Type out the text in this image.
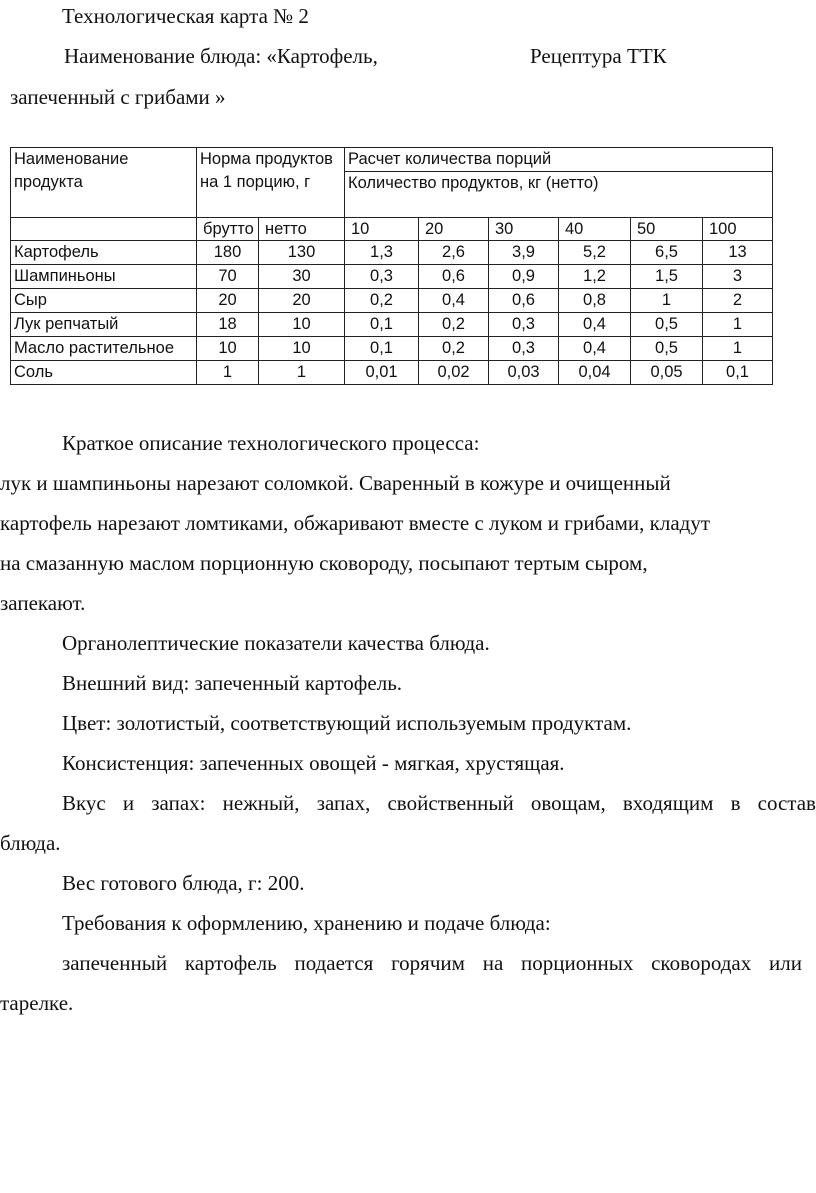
Технологическая карта № 2
Наименование блюда: «Картофель,	Рецептура ТТК
запеченный с грибами »
Наименование продукта	Норма продуктов на 1 порцию, г		Расчет количества порций					
			Количество продуктов, кг (нетто)					
	брутто	нетто	10	20	30	40	50	100
Картофель	180	130	1,3	2,6	3,9	5,2	6,5	13
Шампиньоны	70	30	0,3	0,6	0,9	1,2	1,5	3
Сыр	20	20	0,2	0,4	0,6	0,8	1	2
Лук репчатый	18	10	0,1	0,2	0,3	0,4	0,5	1
Масло растительное	10	10	0,1	0,2	0,3	0,4	0,5	1
Соль	1	1	0,01	0,02	0,03	0,04	0,05	0,1
Краткое описание технологического процесса:
лук и шампиньоны нарезают соломкой. Сваренный в кожуре и очищенный
картофель нарезают ломтиками, обжаривают вместе с луком и грибами, кладут
на смазанную маслом порционную сковороду, посыпают тертым сыром,
запекают.
Органолептические показатели качества блюда.
Внешний вид: запеченный картофель.
Цвет: золотистый, соответствующий используемым продуктам.
Консистенция: запеченных овощей - мягкая, хрустящая.
Вкус и запах: нежный, запах, свойственный овощам, входящим в состав
блюда.
Вес готового блюда, г: 200.
Требования к оформлению, хранению и подаче блюда:
запеченный картофель подается горячим на порционных сковородах или
тарелке.
